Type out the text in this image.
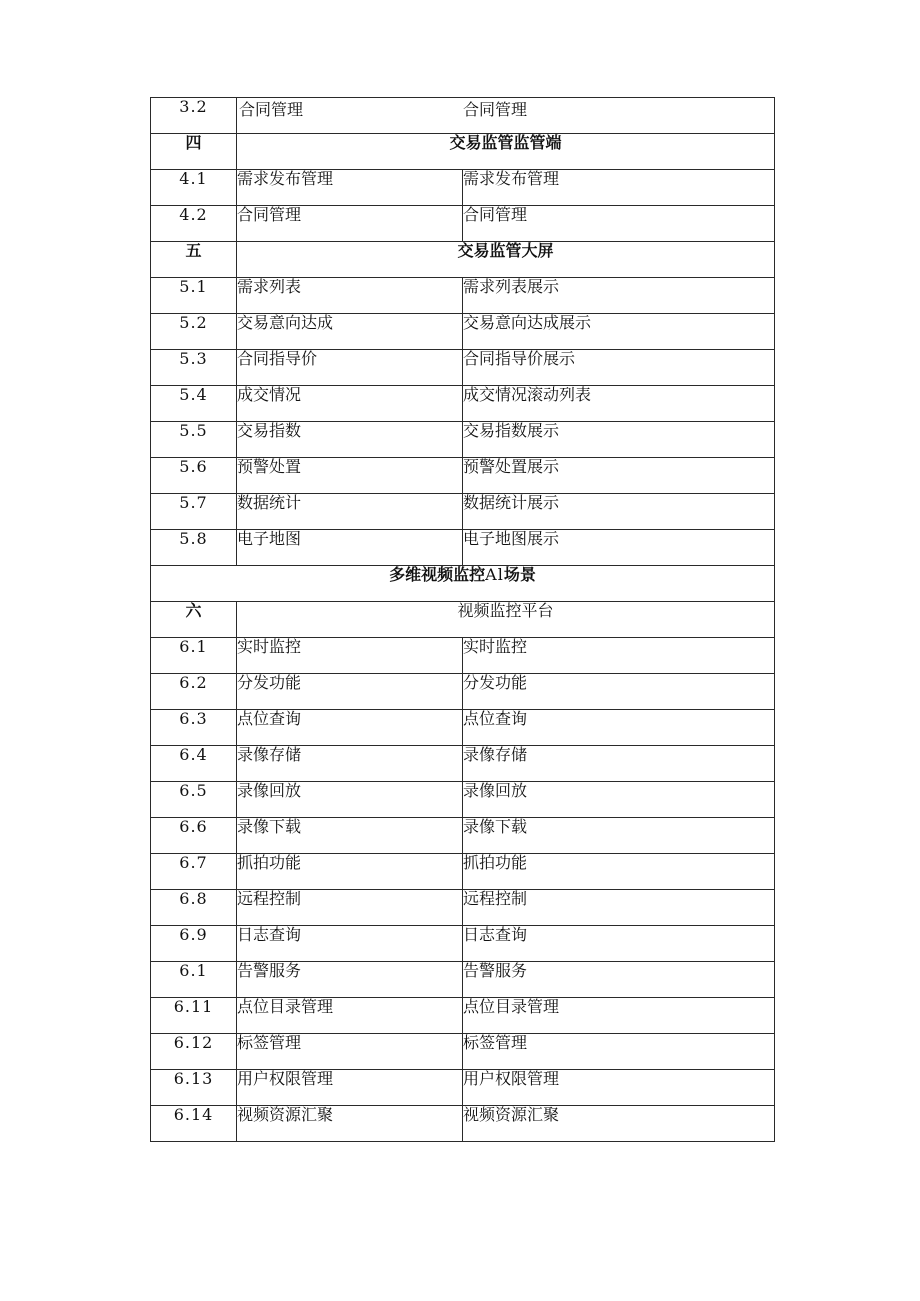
3.2	合同管理 合同管理	
四	交易监管监管端	
4.1	需求发布管理	需求发布管理
4.2	合同管理	合同管理
五	交易监管大屏	
5.1	需求列表	需求列表展示
5.2	交易意向达成	交易意向达成展示
5.3	合同指导价	合同指导价展示
5.4	成交情况	成交情况滚动列表
5.5	交易指数	交易指数展示
5.6	预警处置	预警处置展示
5.7	数据统计	数据统计展示
5.8	电子地图	电子地图展示
多维视频监控Al场景		
六	视频监控平台	
6.1	实时监控	实时监控
6.2	分发功能	分发功能
6.3	点位查询	点位查询
6.4	录像存储	录像存储
6.5	录像回放	录像回放
6.6	录像下载	录像下载
6.7	抓拍功能	抓拍功能
6.8	远程控制	远程控制
6.9	日志查询	日志查询
6.1	告警服务	告警服务
6.11	点位目录管理	点位目录管理
6.12	标签管理	标签管理
6.13	用户权限管理	用户权限管理
6.14	视频资源汇聚	视频资源汇聚
